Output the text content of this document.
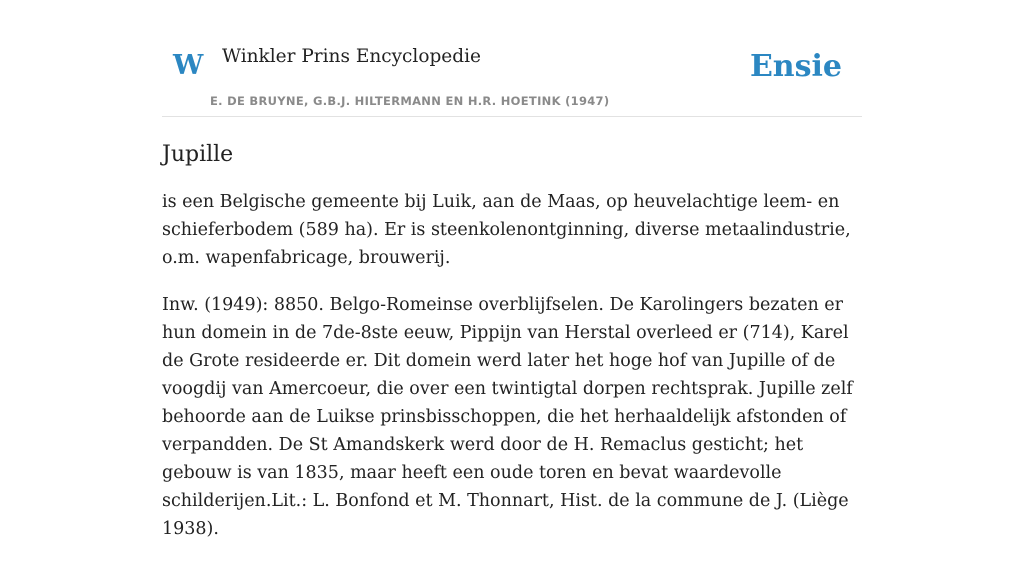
W Winkler Prins Encyclopedie
E. DE BRUYNE, G.B.J. HILTERMANN EN H.R. HOETINK (1947)
Ensie
Jupille

is een Belgische gemeente bij Luik, aan de Maas, op heuvelachtige leem- en schieferbodem (589 ha). Er is steenkolenontginning, diverse metaalindustrie, o.m. wapenfabricage, brouwerij.

Inw. (1949): 8850. Belgo-Romeinse overblijfselen. De Karolingers bezaten er hun domein in de 7de-8ste eeuw, Pippijn van Herstal overleed er (714), Karel de Grote resideerde er. Dit domein werd later het hoge hof van Jupille of de voogdij van Amercoeur, die over een twintigtal dorpen rechtsprak. Jupille zelf behoorde aan de Luikse prinsbisschoppen, die het herhaaldelijk afstonden of verpandden. De St Amandskerk werd door de H. Remaclus gesticht; het gebouw is van 1835, maar heeft een oude toren en bevat waardevolle schilderijen.Lit.: L. Bonfond et M. Thonnart, Hist. de la commune de J. (Liège 1938).
